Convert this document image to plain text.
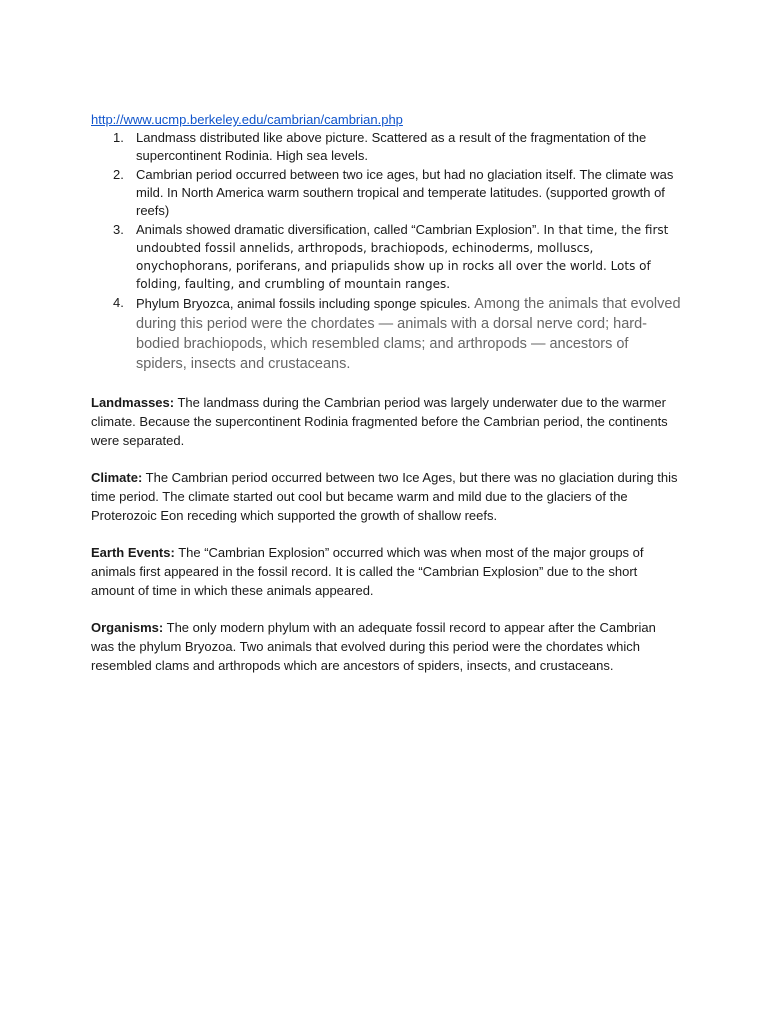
http://www.ucmp.berkeley.edu/cambrian/cambrian.php
1. Landmass distributed like above picture. Scattered as a result of the fragmentation of the supercontinent Rodinia. High sea levels.
2. Cambrian period occurred between two ice ages, but had no glaciation itself. The climate was mild. In North America warm southern tropical and temperate latitudes. (supported growth of reefs)
3. Animals showed dramatic diversification, called “Cambrian Explosion”. In that time, the first undoubted fossil annelids, arthropods, brachiopods, echinoderms, molluscs, onychophorans, poriferans, and priapulids show up in rocks all over the world. Lots of folding, faulting, and crumbling of mountain ranges.
4. Phylum Bryozca, animal fossils including sponge spicules. Among the animals that evolved during this period were the chordates — animals with a dorsal nerve cord; hard-bodied brachiopods, which resembled clams; and arthropods — ancestors of spiders, insects and crustaceans.

Landmasses: The landmass during the Cambrian period was largely underwater due to the warmer climate. Because the supercontinent Rodinia fragmented before the Cambrian period, the continents were separated.

Climate: The Cambrian period occurred between two Ice Ages, but there was no glaciation during this time period. The climate started out cool but became warm and mild due to the glaciers of the Proterozoic Eon receding which supported the growth of shallow reefs.

Earth Events: The “Cambrian Explosion” occurred which was when most of the major groups of animals first appeared in the fossil record. It is called the “Cambrian Explosion” due to the short amount of time in which these animals appeared.

Organisms: The only modern phylum with an adequate fossil record to appear after the Cambrian was the phylum Bryozoa. Two animals that evolved during this period were the chordates which resembled clams and arthropods which are ancestors of spiders, insects, and crustaceans.
